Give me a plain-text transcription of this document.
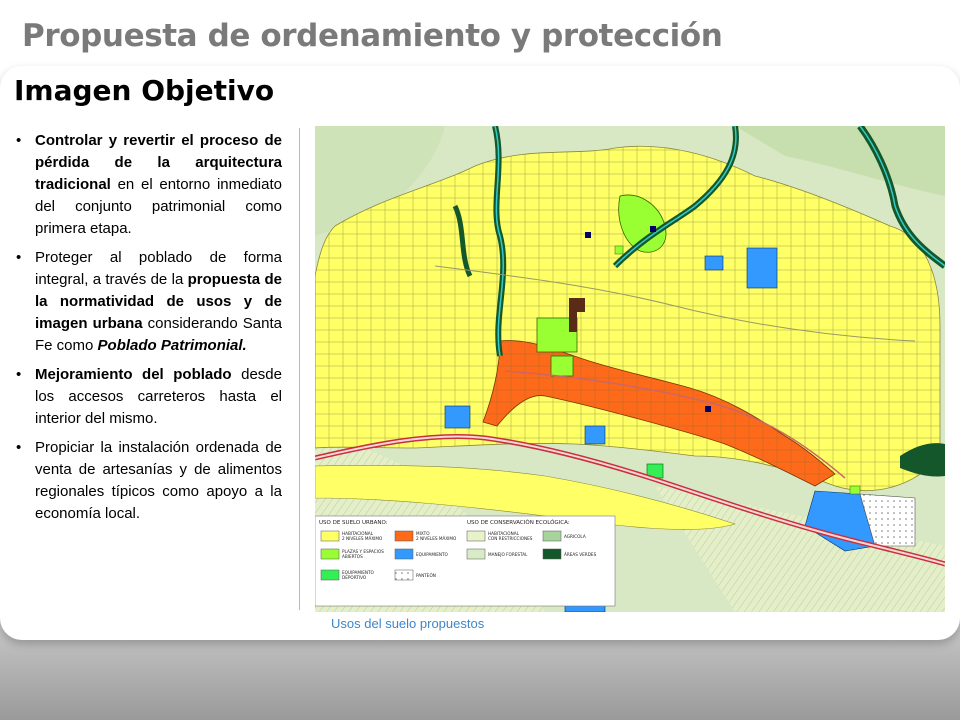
Propuesta de ordenamiento y protección
Imagen Objetivo
• Controlar y revertir el proceso de pérdida de la arquitectura tradicional en el entorno inmediato del conjunto patrimonial como primera etapa.
• Proteger al poblado de forma integral, a través de la propuesta de la normatividad de usos y de imagen urbana considerando Santa Fe como Poblado Patrimonial.
• Mejoramiento del poblado desde los accesos carreteros hasta el interior del mismo.
• Propiciar la instalación ordenada de venta de artesanías y de alimentos regionales típicos como apoyo a la economía local.
USO DE SUELO URBANO:	USO DE CONSERVACIÓN ECOLÓGICA:
HABITACIONAL
2 NIVELES MÁXIMO
PLAZAS Y ESPACIOS
ABIERTOS
EQUIPAMIENTO
DEPORTIVO
MIXTO
2 NIVELES MÁXIMO
EQUIPAMIENTO
PANTEÓN
HABITACIONAL
CON RESTRICCIONES
MANEJO FORESTAL
AGRICOLA
ÁREAS VERDES
Usos del suelo propuestos
